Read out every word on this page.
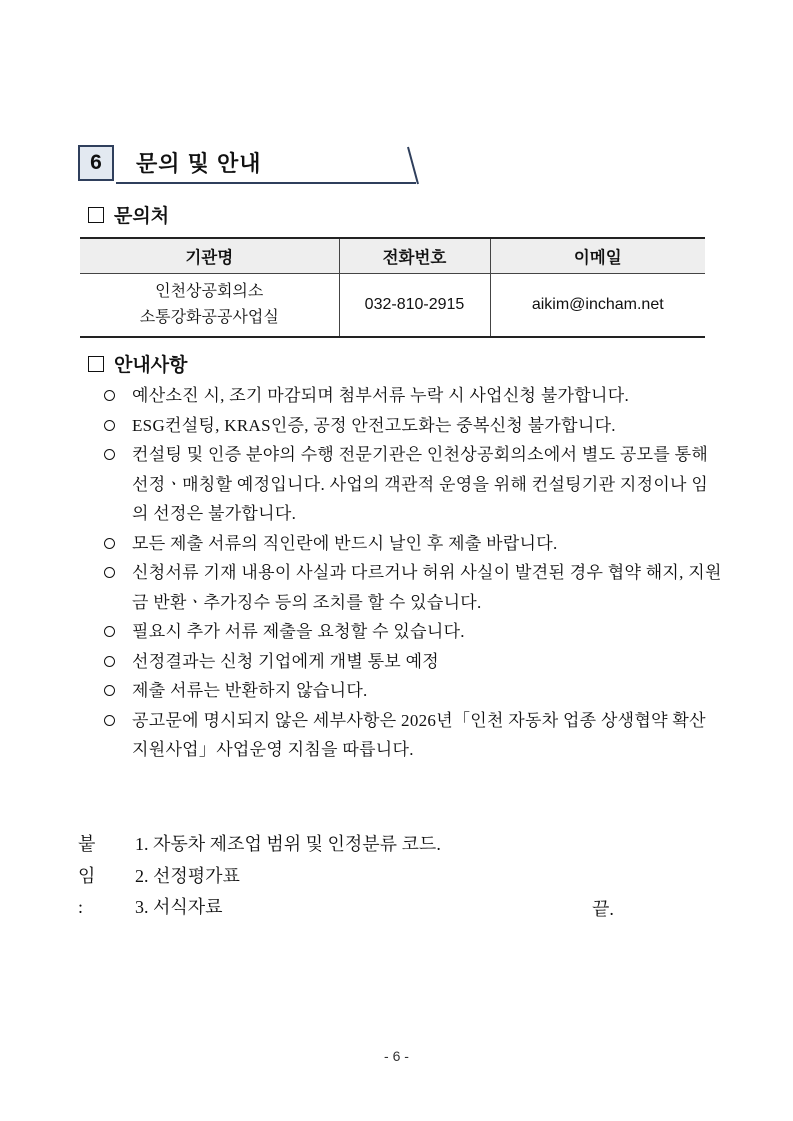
6	문의 및 안내
문의처
기관명	전화번호	이메일

인천상공회의소
소통강화공공사업실	032-810-2915	aikim@incham.net
안내사항
예산소진 시, 조기 마감되며 첨부서류 누락 시 사업신청 불가합니다.
ESG컨설팅, KRAS인증, 공정 안전고도화는 중복신청 불가합니다.
컨설팅 및 인증 분야의 수행 전문기관은 인천상공회의소에서 별도 공모를 통해 선정ㆍ매칭할 예정입니다. 사업의 객관적 운영을 위해 컨설팅기관 지정이나 임의 선정은 불가합니다.
모든 제출 서류의 직인란에 반드시 날인 후 제출 바랍니다.
신청서류 기재 내용이 사실과 다르거나 허위 사실이 발견된 경우 협약 해지, 지원금 반환ㆍ추가징수 등의 조치를 할 수 있습니다.
필요시 추가 서류 제출을 요청할 수 있습니다.
선정결과는 신청 기업에게 개별 통보 예정
제출 서류는 반환하지 않습니다.
공고문에 명시되지 않은 세부사항은 2026년「인천 자동차 업종 상생협약 확산 지원사업」사업운영 지침을 따릅니다.
붙임 :
1. 자동차 제조업 범위 및 인정분류 코드.
2. 선정평가표
3. 서식자료	끝.
- 6 -
